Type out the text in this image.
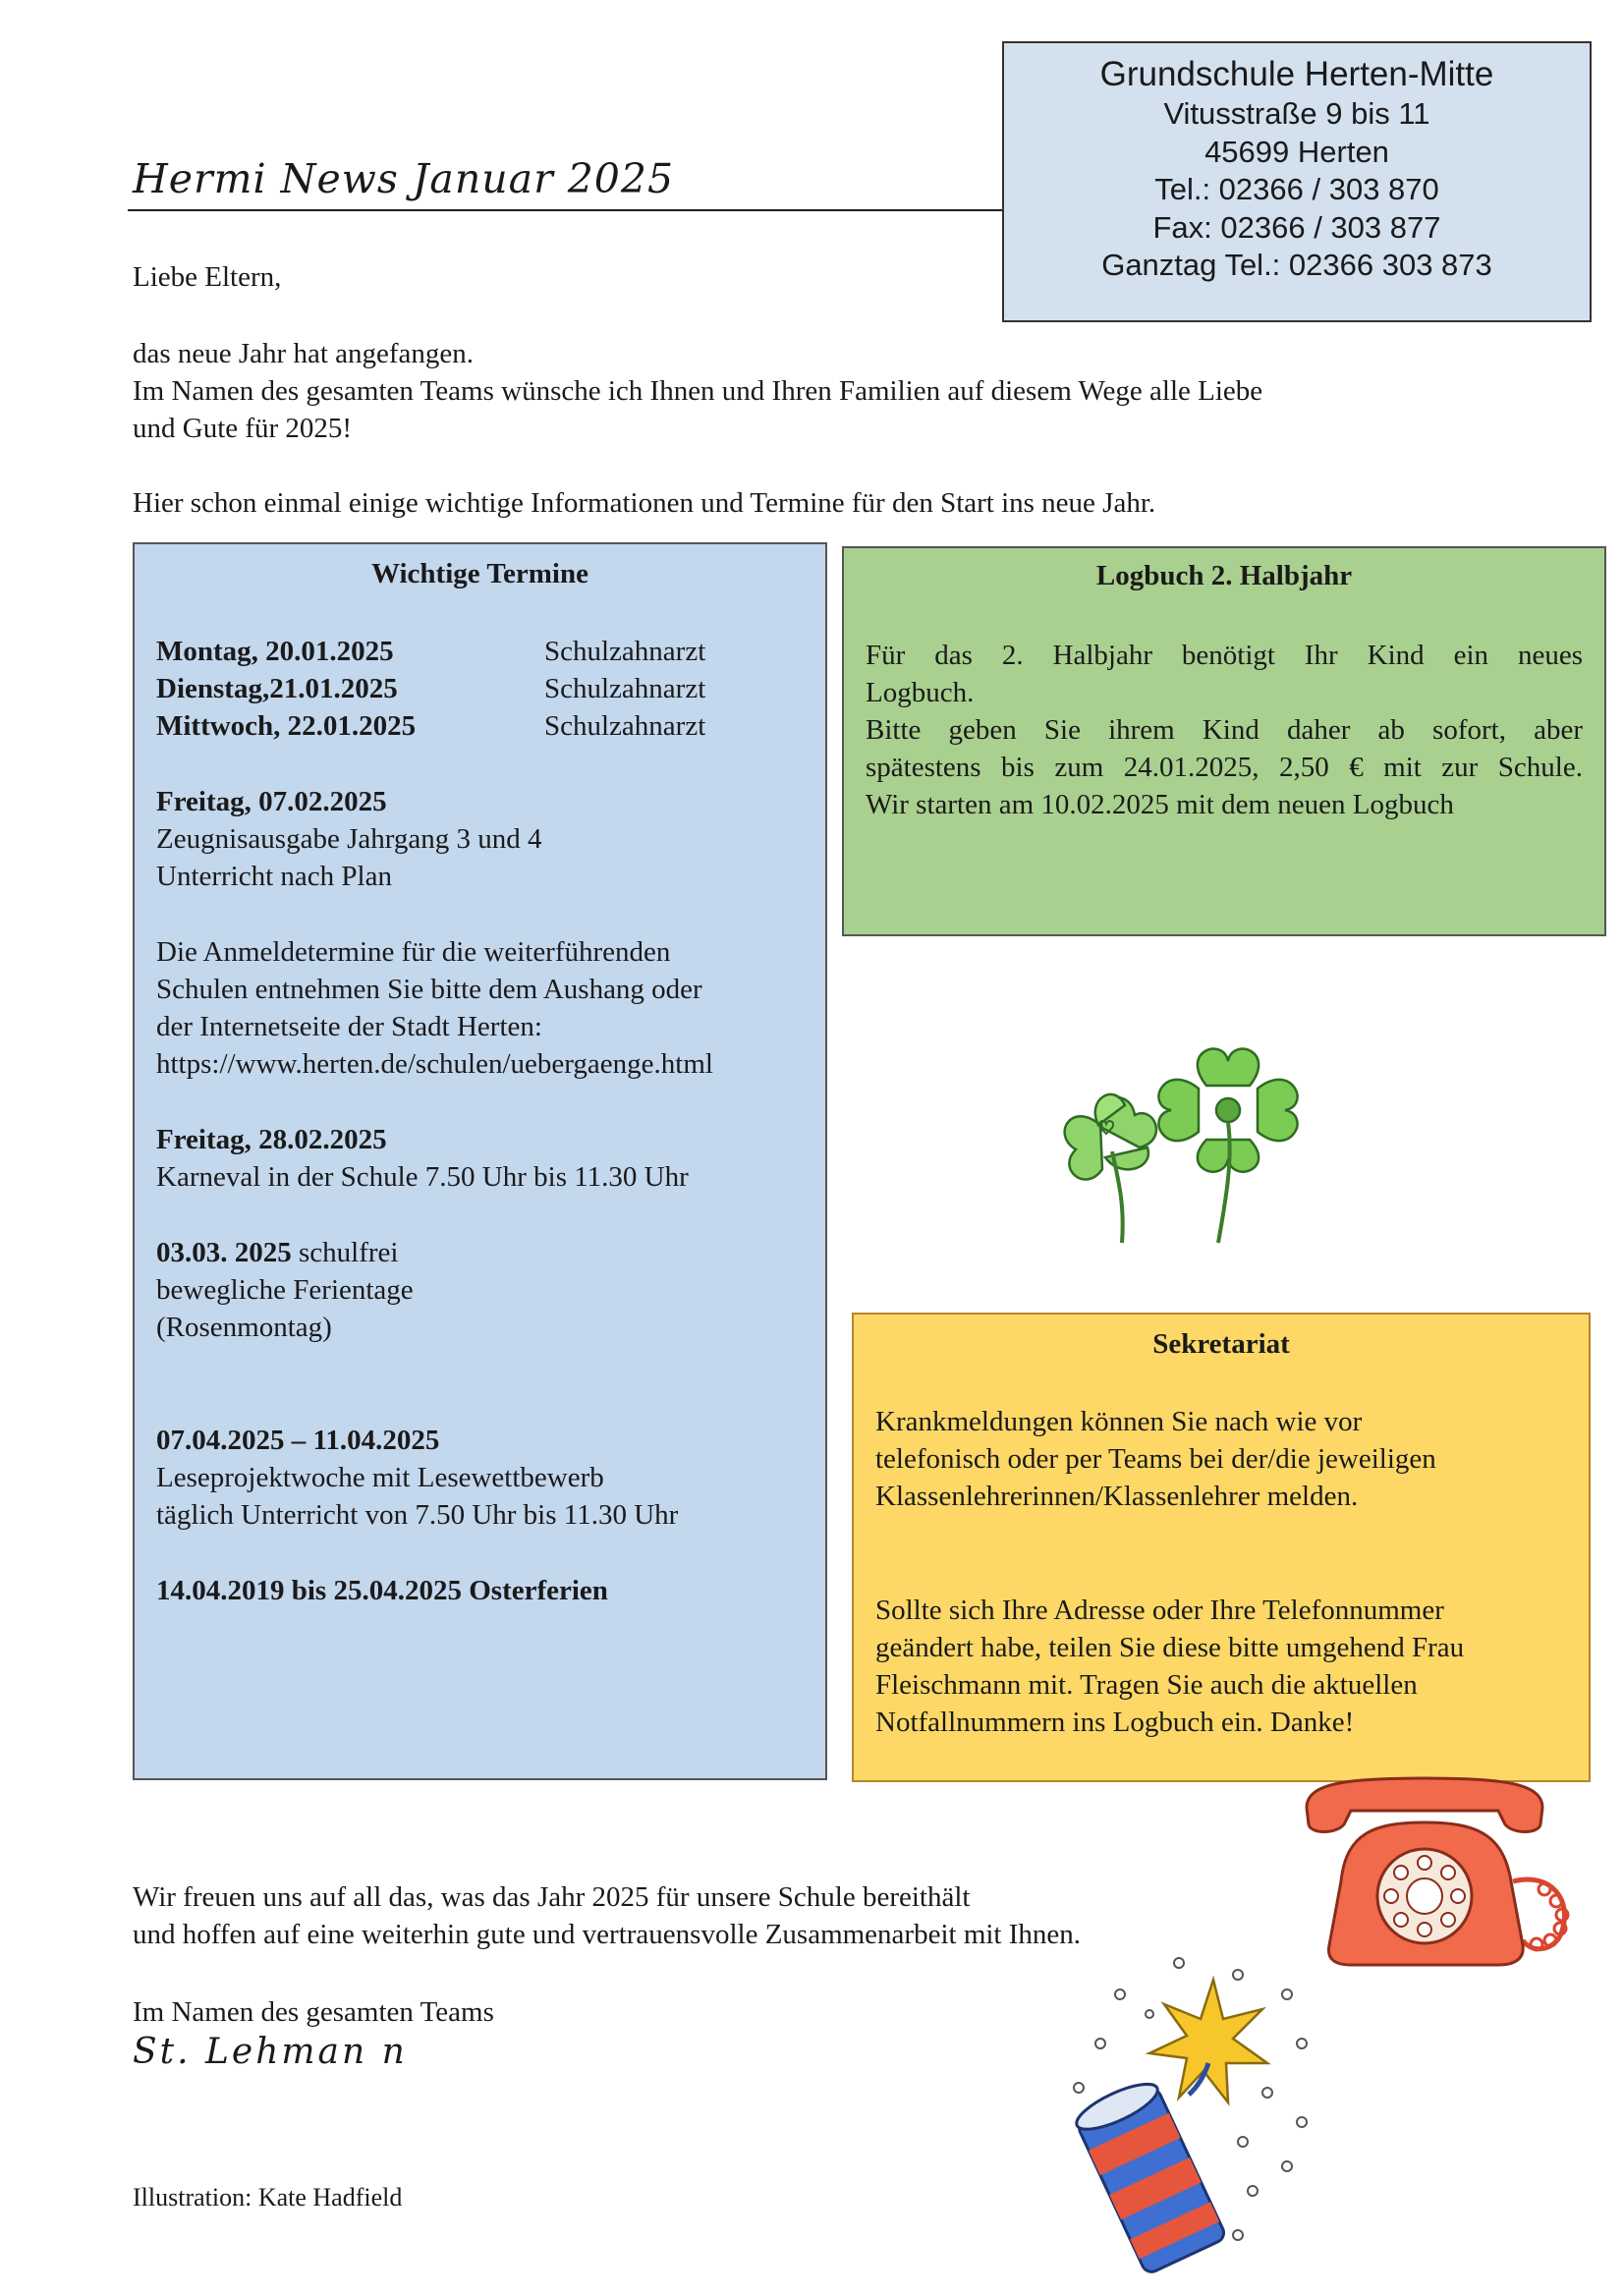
Hermi News Januar 2025
Grundschule Herten-Mitte
Vitusstraße 9 bis 11
45699 Herten
Tel.: 02366 / 303 870
Fax: 02366 / 303 877
Ganztag Tel.: 02366 303 873
Liebe Eltern,
das neue Jahr hat angefangen.
Im Namen des gesamten Teams wünsche ich Ihnen und Ihren Familien auf diesem Wege alle Liebe
und Gute für 2025!
Hier schon einmal einige wichtige Informationen und Termine für den Start ins neue Jahr.
Wichtige Termine
Montag, 20.01.2025	Schulzahnarzt
Dienstag,21.01.2025	Schulzahnarzt
Mittwoch, 22.01.2025	Schulzahnarzt
Freitag, 07.02.2025
Zeugnisausgabe Jahrgang 3 und 4
Unterricht nach Plan
Die Anmeldetermine für die weiterführenden
Schulen entnehmen Sie bitte dem Aushang oder
der Internetseite der Stadt Herten:
https://www.herten.de/schulen/uebergaenge.html
Freitag, 28.02.2025
Karneval in der Schule 7.50 Uhr bis 11.30 Uhr
03.03. 2025 schulfrei
bewegliche Ferientage
(Rosenmontag)
07.04.2025 – 11.04.2025
Leseprojektwoche mit Lesewettbewerb
täglich Unterricht von 7.50 Uhr bis 11.30 Uhr
14.04.2019 bis 25.04.2025 Osterferien
Logbuch 2. Halbjahr
Für das 2. Halbjahr benötigt Ihr Kind ein neues
Logbuch.
Bitte geben Sie ihrem Kind daher ab sofort, aber
spätestens bis zum 24.01.2025, 2,50 € mit zur Schule.
Wir starten am 10.02.2025 mit dem neuen Logbuch
Sekretariat
Krankmeldungen können Sie nach wie vor
telefonisch oder per Teams bei der/die jeweiligen
Klassenlehrerinnen/Klassenlehrer melden.
Sollte sich Ihre Adresse oder Ihre Telefonnummer
geändert habe, teilen Sie diese bitte umgehend Frau
Fleischmann mit. Tragen Sie auch die aktuellen
Notfallnummern ins Logbuch ein. Danke!
Wir freuen uns auf all das, was das Jahr 2025 für unsere Schule bereithält
und hoffen auf eine weiterhin gute und vertrauensvolle Zusammenarbeit mit Ihnen.
Im Namen des gesamten Teams
St. Lehman n
Illustration: Kate Hadfield
